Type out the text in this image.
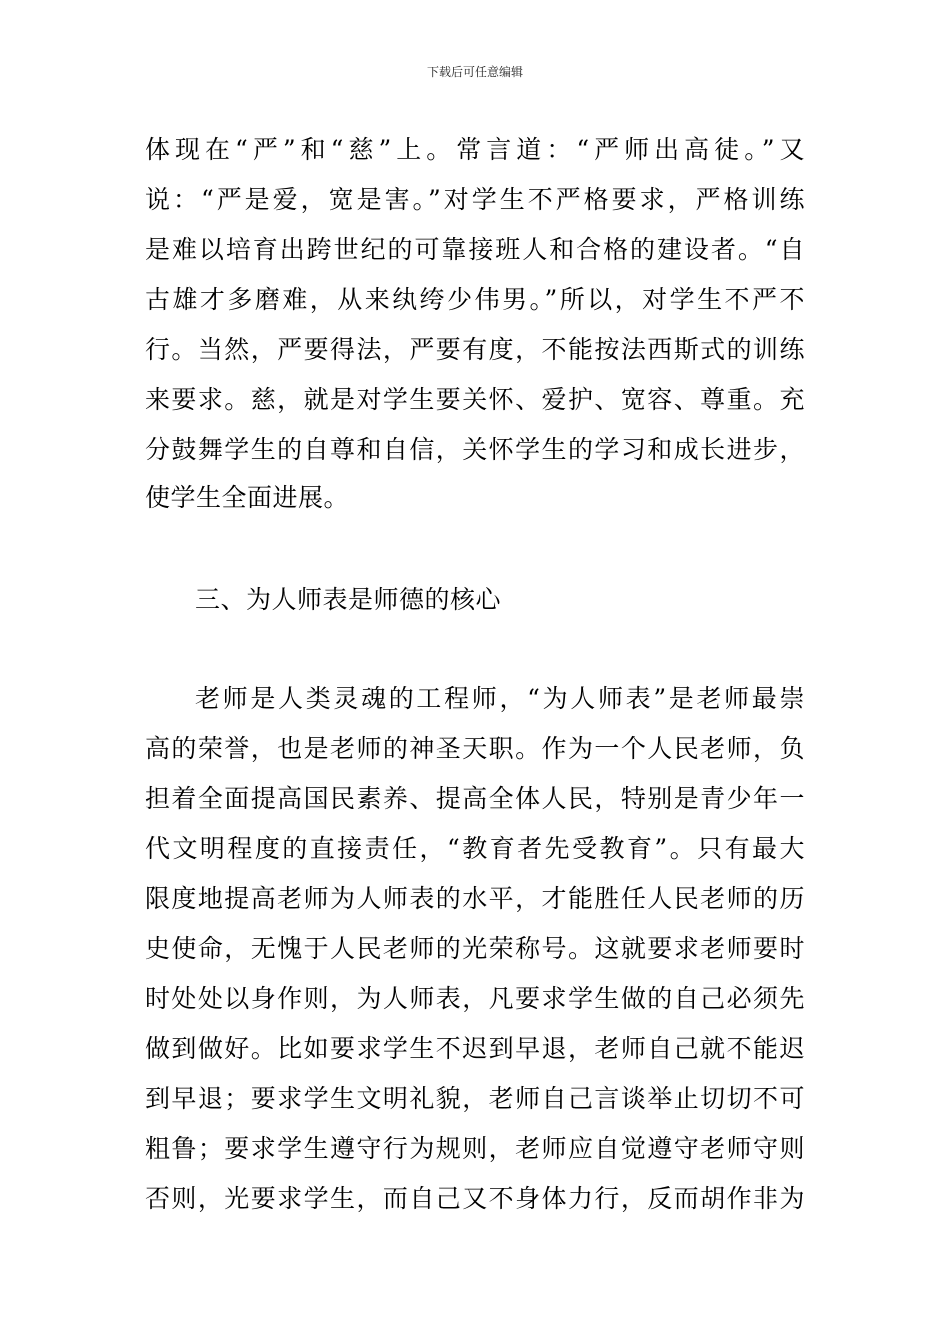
下载后可任意编辑
体现在“严”和“慈”上。常言道：“严师出高徒。”又
说：“严是爱，宽是害。”对学生不严格要求，严格训练
是难以培育出跨世纪的可靠接班人和合格的建设者。“自
古雄才多磨难，从来纨绔少伟男。”所以，对学生不严不
行。当然，严要得法，严要有度，不能按法西斯式的训练
来要求。慈，就是对学生要关怀、爱护、宽容、尊重。充
分鼓舞学生的自尊和自信，关怀学生的学习和成长进步，
使学生全面进展。
三、为人师表是师德的核心
老师是人类灵魂的工程师，“为人师表”是老师最崇
高的荣誉，也是老师的神圣天职。作为一个人民老师，负
担着全面提高国民素养、提高全体人民，特别是青少年一
代文明程度的直接责任，“教育者先受教育”。只有最大
限度地提高老师为人师表的水平，才能胜任人民老师的历
史使命，无愧于人民老师的光荣称号。这就要求老师要时
时处处以身作则，为人师表，凡要求学生做的自己必须先
做到做好。比如要求学生不迟到早退，老师自己就不能迟
到早退；要求学生文明礼貌，老师自己言谈举止切切不可
粗鲁；要求学生遵守行为规则，老师应自觉遵守老师守则
否则，光要求学生，而自己又不身体力行，反而胡作非为
